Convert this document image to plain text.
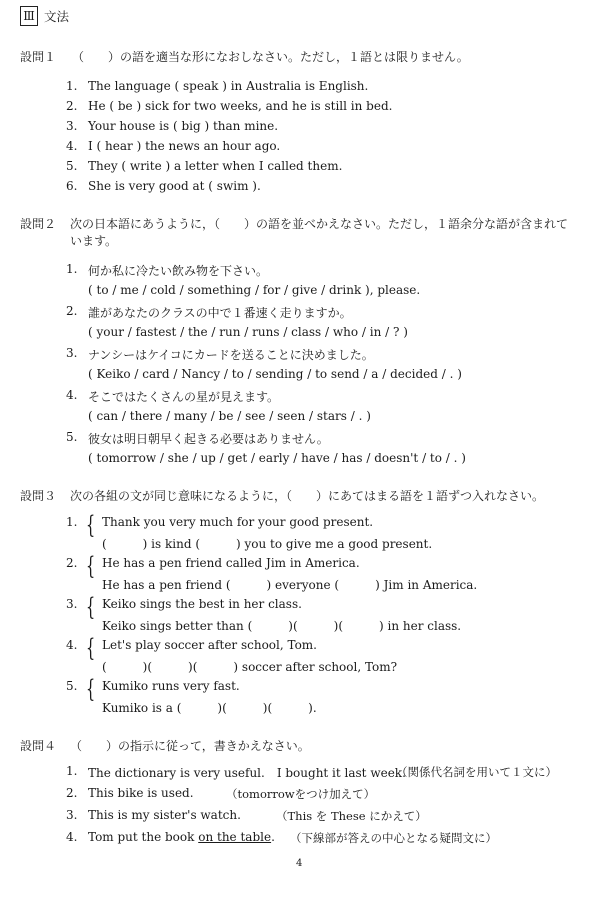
Ⅲ 文法
設問１ （　　）の語を適当な形になおしなさい。ただし，１語とは限りません。
1. The language ( speak ) in Australia is English.
2. He ( be ) sick for two weeks, and he is still in bed.
3. Your house is ( big ) than mine.
4. I ( hear ) the news an hour ago.
5. They ( write ) a letter when I called them.
6. She is very good at ( swim ).
設問２ 次の日本語にあうように，（　　）の語を並べかえなさい。ただし，１語余分な語が含まれて
います。
1. 何か私に冷たい飲み物を下さい。
( to / me / cold / something / for / give / drink ), please.
2. 誰があなたのクラスの中で１番速く走りますか。
( your / fastest / the / run / runs / class / who / in / ? )
3. ナンシーはケイコにカードを送ることに決めました。
( Keiko / card / Nancy / to / sending / to send / a / decided / . )
4. そこではたくさんの星が見えます。
( can / there / many / be / see / seen / stars / . )
5. 彼女は明日朝早く起きる必要はありません。
( tomorrow / she / up / get / early / have / has / doesn't / to / . )
設問３ 次の各組の文が同じ意味になるように，（　　）にあてはまる語を１語ずつ入れなさい。
1. { Thank you very much for your good present.
(　　　) is kind (　　　) you to give me a good present.
2. { He has a pen friend called Jim in America.
He has a pen friend (　　　) everyone (　　　) Jim in America.
3. { Keiko sings the best in her class.
Keiko sings better than (　　　)(　　　)(　　　) in her class.
4. { Let's play soccer after school, Tom.
(　　　)(　　　)(　　　) soccer after school, Tom?
5. { Kumiko runs very fast.
Kumiko is a (　　　)(　　　)(　　　).
設問４ （　　）の指示に従って，書きかえなさい。
1. The dictionary is very useful.　I bought it last week.
（関係代名詞を用いて１文に）
2. This bike is used.	（tomorrowをつけ加えて）
3. This is my sister's watch.	（This を These にかえて）
4. Tom put the book on the table. （下線部が答えの中心となる疑問文に）
4
